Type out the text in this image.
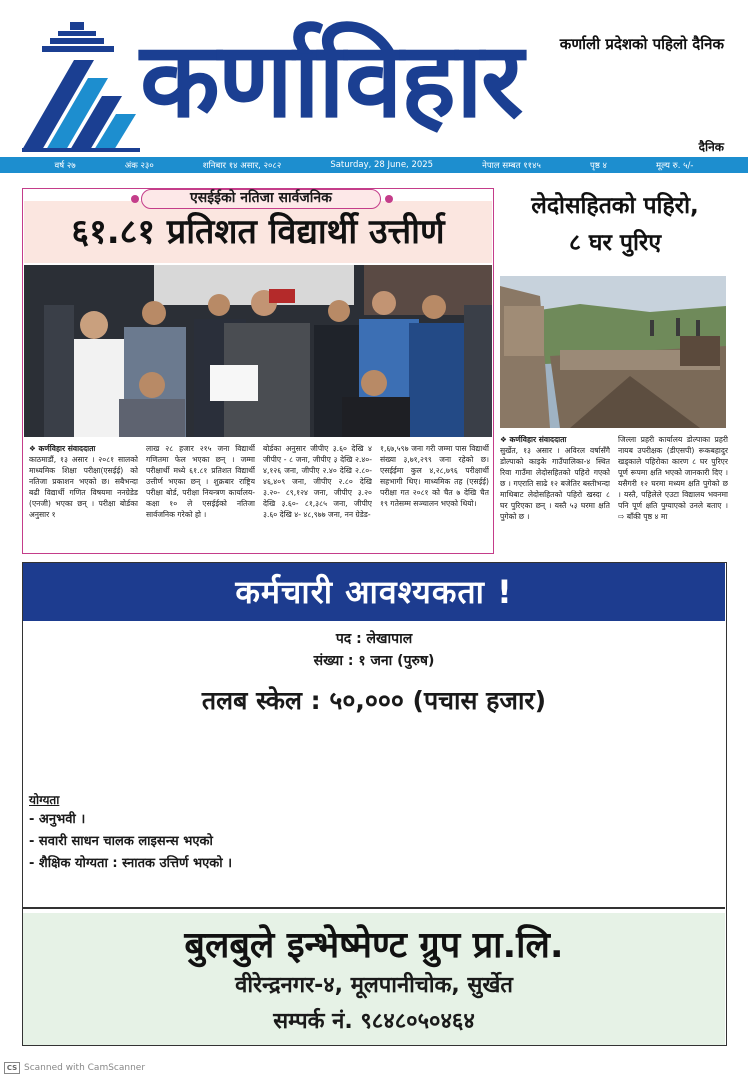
कर्णाविहार	कर्णाली प्रदेशको पहिलो दैनिक
दैनिक
वर्ष २७	अंक २३०	शनिबार १४ असार, २०८२	Saturday, 28 June, 2025	नेपाल सम्बत ११४५	पृष्ठ ४	मूल्य रु. ५/-
६१.८१ प्रतिशत विद्यार्थी उत्तीर्ण
एसईईको नतिजा सार्वजनिक
❖ कर्णविहार संवाददाता
काठमाडौं, १३ असार । २०८१ सालको माध्यमिक शिक्षा परीक्षा(एसईई) को नतिजा प्रकाशन भएको छ। सबैभन्दा बढी विद्यार्थी गणित विषयमा ननग्रेडेड (एनजी) भएका छन् । परीक्षा बोर्डका अनुसार १
लाख २८ हजार २१५ जना विद्यार्थी गणितमा फेल भएका छन् । जम्मा परीक्षार्थी मध्ये ६१.८१ प्रतिशत विद्यार्थी उत्तीर्ण भएका छन् । शुक्रबार राष्ट्रिय परीक्षा बोर्ड, परीक्षा नियन्त्रण कार्यालय-कक्षा १० ले एसईईको नतिजा सार्वजनिक गरेको हो ।
बोर्डका अनुसार जीपीए ३.६० देखि ४ जीपीए - ८ जना, जीपीए ३ देखि २.४०- ४,१२६ जना, जीपीए २.४० देखि २.८०- ४६,४०९ जना, जीपीए २.८० देखि ३.२०- ८९,१२४ जना, जीपीए ३.२० देखि ३.६०- ८१,३८५ जना, जीपीए ३.६० देखि ४- ४८,९७७ जना, नन ग्रेडेड-
१,६७,५९७ जना गरी जम्मा पास विद्यार्थी संख्या ३,७१,२९९ जना रहेको छ। एसईईमा कुल ४,२८,७९६ परीक्षार्थी सहभागी थिए। माध्यमिक तह (एसईई) परीक्षा गत २०८१ को चैत ७ देखि चैत १९ गतेसम्म सञ्चालन भएको थियो।
लेदोसहितको पहिरो,
८ घर पुरिए
❖ कर्णविहार संवाददाता
सुर्खेत, १३ असार । अविरल वर्षासँगै डोल्पाको काइके गाउँपालिका-४ स्थित रिवा गाउँमा लेदोसहितको पहिरो गएको छ । गएराति साढे १२ बजेतिर बस्तीभन्दा माथिबाट लेदोसहितको पहिरो खस्दा ८ घर पुरिएका छन् । यस्तै ५३ घरमा क्षति पुगेको छ ।
जिल्ला प्रहरी कार्यालय डोल्पाका प्रहरी नायब उपरीक्षक (डीएसपी) रूकबहादुर खड्काले पहिरोका कारण ८ घर पुरिएर पूर्ण रूपमा क्षति भएको जानकारी दिए । यसैगरी १२ घरमा मध्यम क्षति पुगेको छ । यस्तै, पहिलेले एउटा विद्यालय भवनमा पनि पूर्ण क्षति पुग्याएको उनले बताए । ⇨ बाँकी पृष्ठ ४ मा
कर्मचारी आवश्यकता !
पद : लेखापाल
संख्या : १ जना (पुरुष)
तलब स्केल : ५०,००० (पचास हजार)
योग्यता
- अनुभवी ।
- सवारी साधन चालक लाइसन्स भएको
- शैक्षिक योग्यता : स्नातक उत्तिर्ण भएको ।
बुलबुले इन्भेष्मेण्ट ग्रुप प्रा.लि.
वीरेन्द्रनगर-४, मूलपानीचोक, सुर्खेत
सम्पर्क नं. ९८४८०५०४६४
CS Scanned with CamScanner
